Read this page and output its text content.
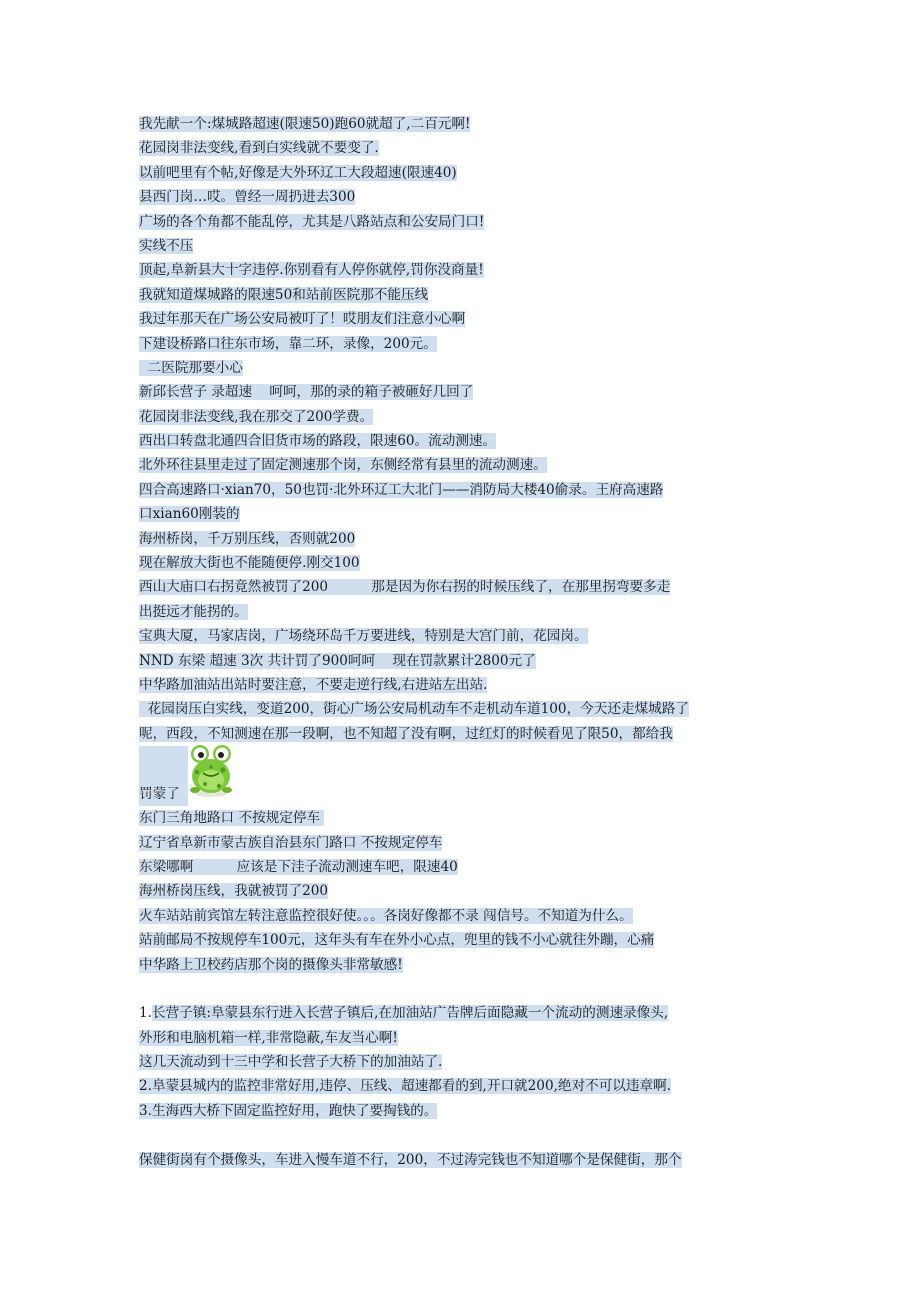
我先献一个:煤城路超速(限速50)跑60就超了,二百元啊!
花园岗非法变线,看到白实线就不要变了.
以前吧里有个帖,好像是大外环辽工大段超速(限速40)
县西门岗…哎。曾经一周扔进去300
广场的各个角都不能乱停，尤其是八路站点和公安局门口!
实线不压
顶起,阜新县大十字违停.你别看有人停你就停,罚你没商量!
我就知道煤城路的限速50和站前医院那不能压线
我过年那天在广场公安局被叮了！哎朋友们注意小心啊
下建设桥路口往东市场，靠二环，录像，200元。
二医院那要小心
新邱长营子 录超速    呵呵，那的录的箱子被砸好几回了
花园岗非法变线,我在那交了200学费。
西出口转盘北通四合旧货市场的路段，限速60。流动测速。
北外环往县里走过了固定测速那个岗，东侧经常有县里的流动测速。
四合高速路口·xian70，50也罚·北外环辽工大北门——消防局大楼40偷录。王府高速路
口xian60刚装的
海州桥岗，千万别压线，否则就200
现在解放大街也不能随便停.刚交100
西山大庙口右拐竟然被罚了200          那是因为你右拐的时候压线了，在那里拐弯要多走
出挺远才能拐的。
宝典大厦，马家店岗，广场绕环岛千万要进线，特别是大宫门前，花园岗。
NND 东梁 超速 3次 共计罚了900呵呵    现在罚款累计2800元了
中华路加油站出站时要注意，不要走逆行线,右进站左出站.
花园岗压白实线，变道200，街心广场公安局机动车不走机动车道100，今天还走煤城路了
呢，西段，不知测速在那一段啊，也不知超了没有啊，过红灯的时候看见了限50，都给我
罚蒙了
东门三角地路口 不按规定停车
辽宁省阜新市蒙古族自治县东门路口 不按规定停车
东梁哪啊          应该是下洼子流动测速车吧，限速40
海州桥岗压线，我就被罚了200
火车站站前宾馆左转注意监控很好使。。。各岗好像都不录 闯信号。不知道为什么。
站前邮局不按规停车100元，这年头有车在外小心点，兜里的钱不小心就往外蹦，心痛
中华路上卫校药店那个岗的摄像头非常敏感!
1.长营子镇:阜蒙县东行进入长营子镇后,在加油站广告牌后面隐藏一个流动的测速录像头,
外形和电脑机箱一样,非常隐蔽,车友当心啊!
这几天流动到十三中学和长营子大桥下的加油站了.
2.阜蒙县城内的监控非常好用,违停、压线、超速都看的到,开口就200,绝对不可以违章啊.
3.生海西大桥下固定监控好用，跑快了要掏钱的。
保健街岗有个摄像头，车进入慢车道不行，200，不过涛完钱也不知道哪个是保健街，那个
